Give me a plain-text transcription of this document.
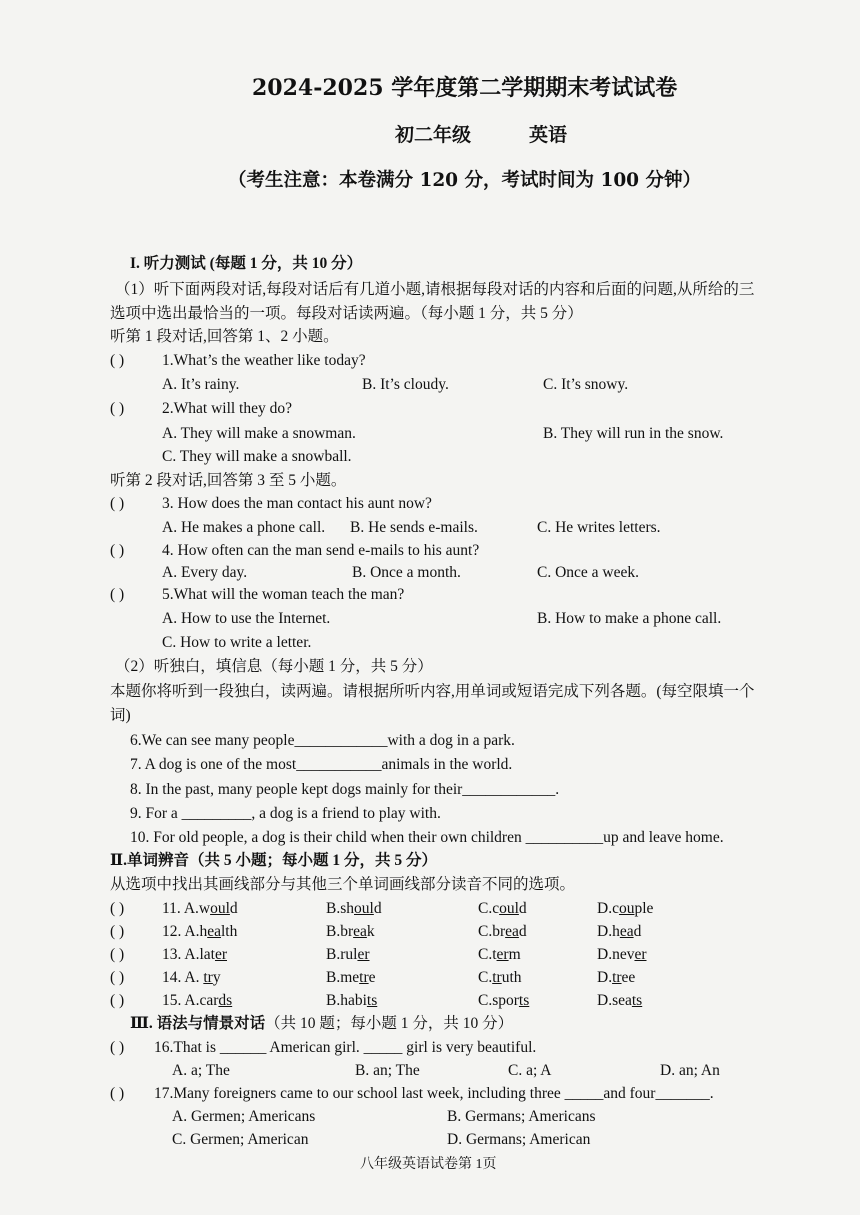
2024-2025 学年度第二学期期末考试试卷
初二年级	英语
（考生注意：本卷满分 120 分，考试时间为 100 分钟）
I. 听力测试 (每题 1 分，共 10 分）
（1）听下面两段对话,每段对话后有几道小题,请根据每段对话的内容和后面的问题,从所给的三
选项中选出最恰当的一项。每段对话读两遍。（每小题 1 分，共 5 分）
听第 1 段对话,回答第 1、2 小题。
( ) 1.What’s the weather like today?
A. It’s rainy.	B. It’s cloudy.	C. It’s snowy.
( ) 2.What will they do?
A. They will make a snowman.	B. They will run in the snow.
C. They will make a snowball.
听第 2 段对话,回答第 3 至 5 小题。
( ) 3. How does the man contact his aunt now?
A. He makes a phone call. B. He sends e-mails.	C. He writes letters.
( ) 4. How often can the man send e-mails to his aunt?
A. Every day.	B. Once a month.	C. Once a week.
( ) 5.What will the woman teach the man?
A. How to use the Internet.	B. How to make a phone call.
C. How to write a letter.
（2）听独白，填信息（每小题 1 分，共 5 分）
本题你将听到一段独白，读两遍。请根据所听内容,用单词或短语完成下列各题。(每空限填一个
词)
6.We can see many people____________with a dog in a park.
7. A dog is one of the most___________animals in the world.
8. In the past, many people kept dogs mainly for their____________.
9. For a _________, a dog is a friend to play with.
10. For old people, a dog is their child when their own children __________up and leave home.
Ⅱ.单词辨音（共 5 小题；每小题 1 分，共 5 分）
从选项中找出其画线部分与其他三个单词画线部分读音不同的选项。
( ) 11. A.would	B.should	C.could	D.couple
( ) 12. A.health	B.break	C.bread	D.head
( ) 13. A.later	B.ruler	C.term	D.never
( ) 14. A. try	B.metre	C.truth	D.tree
( ) 15. A.cards	B.habits	C.sports	D.seats
Ⅲ. 语法与情景对话（共 10 题；每小题 1 分，共 10 分）
( ) 16.That is ______ American girl. _____ girl is very beautiful.
A. a; The	B. an; The	C. a; A	D. an; An
( ) 17.Many foreigners came to our school last week, including three _____and four_______.
A. Germen; Americans	B. Germans; Americans
C. Germen; American	D. Germans; American
八年级英语试卷第 1页
